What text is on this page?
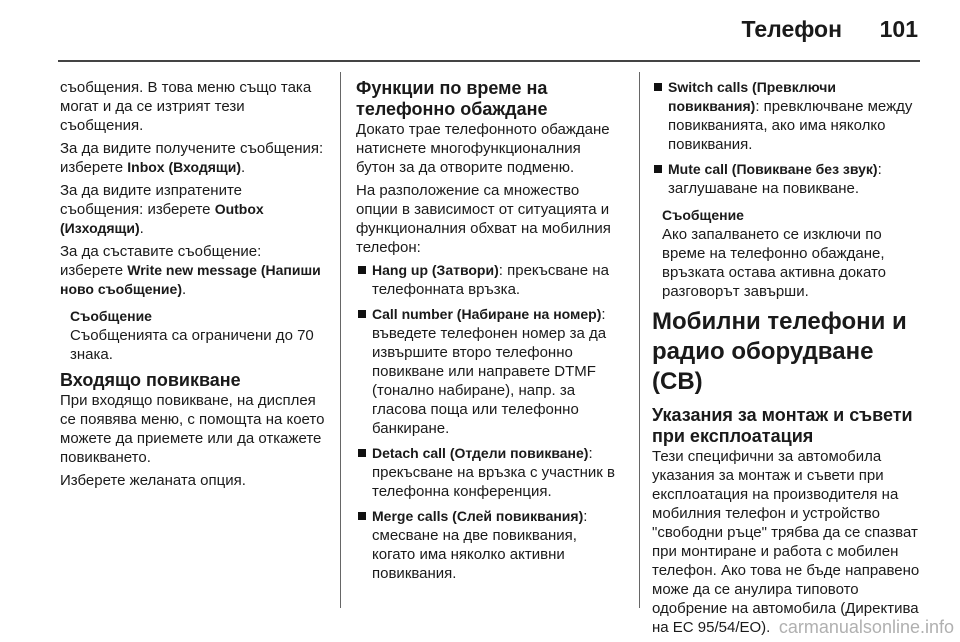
Телефон 101

съобщения. В това меню също така могат и да се изтрият тези съобщения.

За да видите получените съобщения: изберете Inbox (Входящи).

За да видите изпратените съобщения: изберете Outbox (Изходящи).

За да съставите съобщение: изберете Write new message (Напиши ново съобщение).

Съобщение
Съобщенията са ограничени до 70 знака.
Входящо повикване

При входящо повикване, на дисплея се появява меню, с помощта на което можете да приемете или да откажете повикването.

Изберете желаната опция.

Функции по време на телефонно обаждане

Докато трае телефонното обаждане натиснете многофункционалния бутон за да отворите подменю.

На разположение са множество опции в зависимост от ситуацията и функционалния обхват на мобилния телефон:

Hang up (Затвори): прекъсване на телефонната връзка.
Call number (Набиране на номер): въведете телефонен номер за да извършите второ телефонно повикване или направете DTMF (тонално набиране), напр. за гласова поща или телефонно банкиране.
Detach call (Отдели повикване): прекъсване на връзка с участник в телефонна конференция.
Merge calls (Слей повиквания): смесване на две повиквания, когато има няколко активни повиквания.
Switch calls (Превключи повиквания): превключване между повикванията, ако има няколко повиквания.
Mute call (Повикване без звук): заглушаване на повикване.
Съобщение
Ако запалването се изключи по време на телефонно обаждане, връзката остава активна докато разговорът завърши.
Мобилни телефони и радио оборудване (СВ)
Указания за монтаж и съвети при експлоатация

Тези специфични за автомобила указания за монтаж и съвети при експлоатация на производителя на мобилния телефон и устройство "свободни ръце" трябва да се спазват при монтиране и работа с мобилен телефон. Ако това не бъде направено може да се анулира типовото одобрение на автомобила (Директива на ЕС 95/54/ЕО). carmanualsonline.info
